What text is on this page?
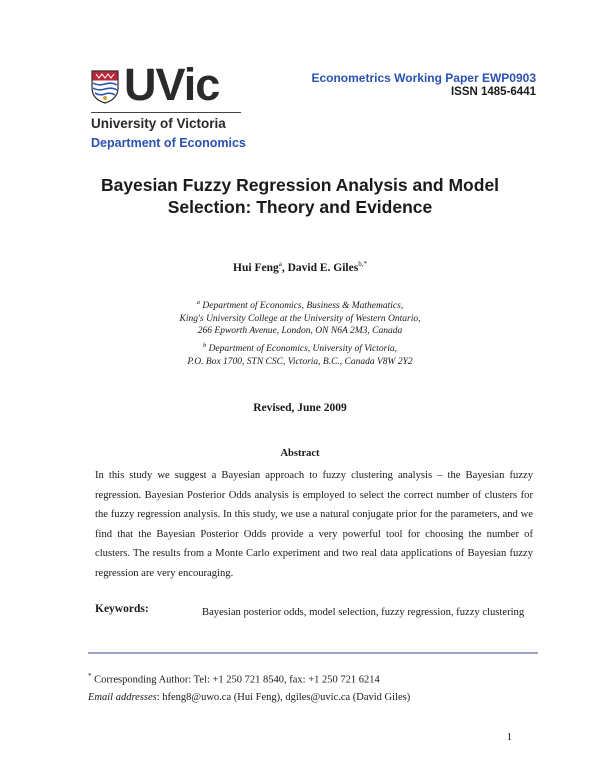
UVic
University of Victoria
Department of Economics
Econometrics Working Paper EWP0903
ISSN 1485-6441
Bayesian Fuzzy Regression Analysis and Model
Selection: Theory and Evidence
Hui Feng$^a$, David E. Giles$^{b,*}$
$^a$ Department of Economics, Business & Mathematics,
King's University College at the University of Western Ontario,
266 Epworth Avenue, London, ON N6A 2M3, Canada
$^b$ Department of Economics, University of Victoria,
P.O. Box 1700, STN CSC, Victoria, B.C., Canada V8W 2Y2
Revised, June 2009
Abstract
In this study we suggest a Bayesian approach to fuzzy clustering analysis – the Bayesian fuzzy regression. Bayesian Posterior Odds analysis is employed to select the correct number of clusters for the fuzzy regression analysis. In this study, we use a natural conjugate prior for the parameters, and we find that the Bayesian Posterior Odds provide a very powerful tool for choosing the number of clusters. The results from a Monte Carlo experiment and two real data applications of Bayesian fuzzy regression are very encouraging.
Keywords:	Bayesian posterior odds, model selection, fuzzy regression, fuzzy clustering
* Corresponding Author: Tel: +1 250 721 8540, fax: +1 250 721 6214
Email addresses: hfeng8@uwo.ca (Hui Feng), dgiles@uvic.ca (David Giles)
1
